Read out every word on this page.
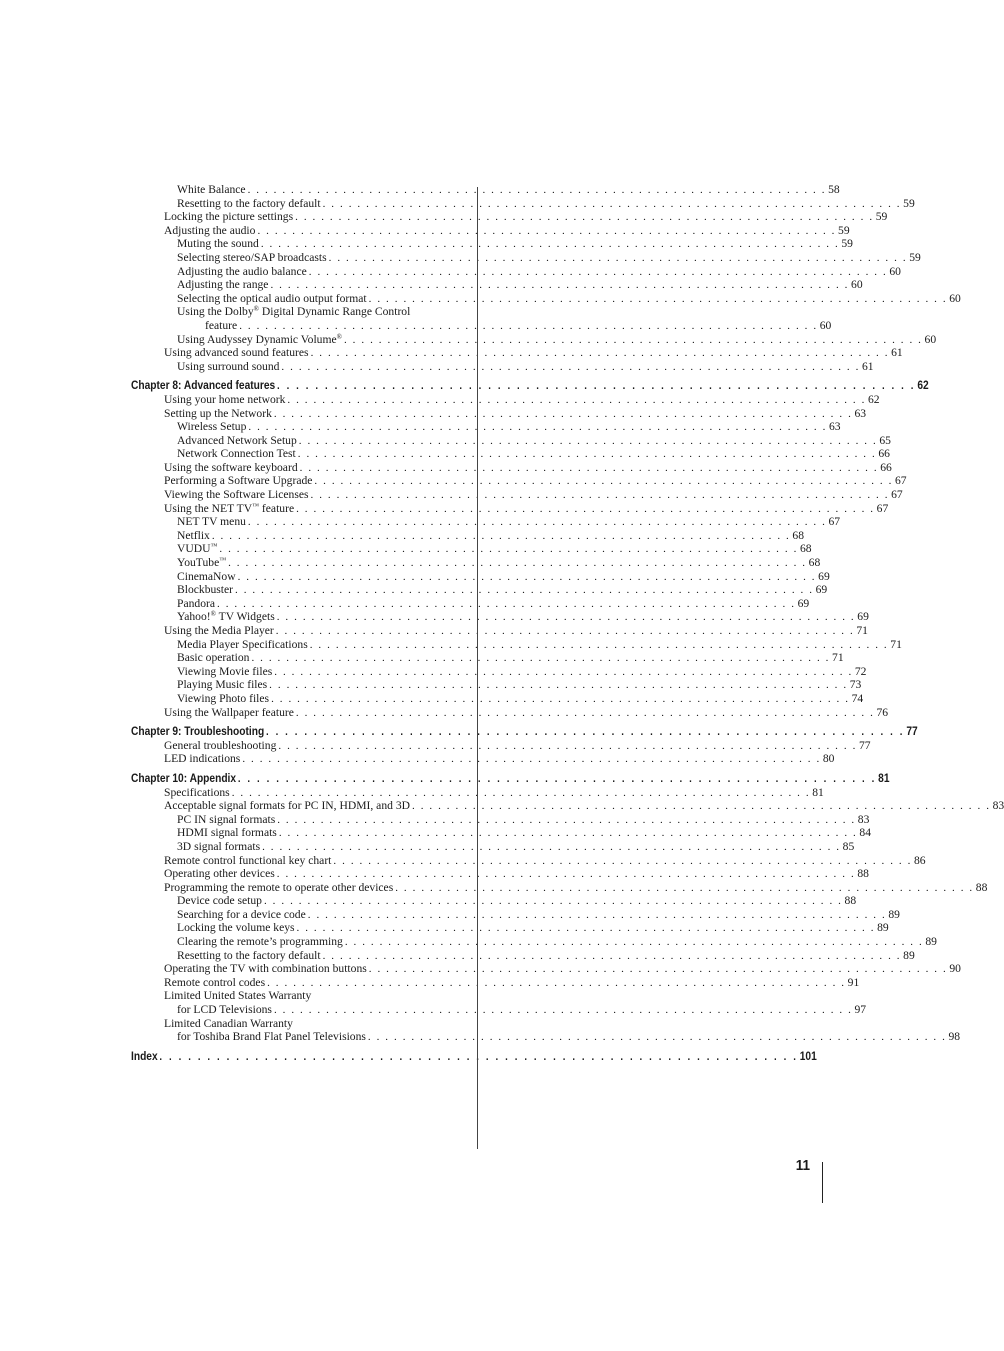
White Balance . . .	58
Resetting to the factory default . . .	59
Locking the picture settings . . .	59
Adjusting the audio . . .	59
Muting the sound . . .	59
Selecting stereo/SAP broadcasts . . .	59
Adjusting the audio balance . . .	60
Adjusting the range . . .	60
Selecting the optical audio output format . . .	60
Using the Dolby® Digital Dynamic Range Control
feature . . .	60
Using Audyssey Dynamic Volume® . . .	60
Using advanced sound features . . .	61
Using surround sound . . .	61
Chapter 8: Advanced features . . .	62
Using your home network . . .	62
Setting up the Network . . .	63
Wireless Setup . . .	63
Advanced Network Setup . . .	65
Network Connection Test . . .	66
Using the software keyboard . . .	66
Performing a Software Upgrade . . .	67
Viewing the Software Licenses . . .	67
Using the NET TV™ feature . . .	67
NET TV menu . . .	67
Netflix . . .	68
VUDU™ . . .	68
YouTube™ . . .	68
CinemaNow . . .	69
Blockbuster . . .	69
Pandora . . .	69
Yahoo!® TV Widgets . . .	69
Using the Media Player . . .	71
Media Player Specifications . . .	71
Basic operation . . .	71
Viewing Movie files . . .	72
Playing Music files . . .	73
Viewing Photo files . . .	74
Using the Wallpaper feature . . .	76
Chapter 9: Troubleshooting . . .	77
General troubleshooting . . .	77
LED indications . . .	80
Chapter 10: Appendix . . .	81
Specifications . . .	81
Acceptable signal formats for PC IN, HDMI, and 3D . . .	83
PC IN signal formats . . .	83
HDMI signal formats . . .	84
3D signal formats . . .	85
Remote control functional key chart . . .	86
Operating other devices . . .	88
Programming the remote to operate other devices . . .	88
Device code setup . . .	88
Searching for a device code . . .	89
Locking the volume keys . . .	89
Clearing the remote’s programming . . .	89
Resetting to the factory default . . .	89
Operating the TV with combination buttons . . .	90
Remote control codes . . .	91
Limited United States Warranty
for LCD Televisions . . .	97
Limited Canadian Warranty
for Toshiba Brand Flat Panel Televisions . . .	98
Index . . .	101
11
